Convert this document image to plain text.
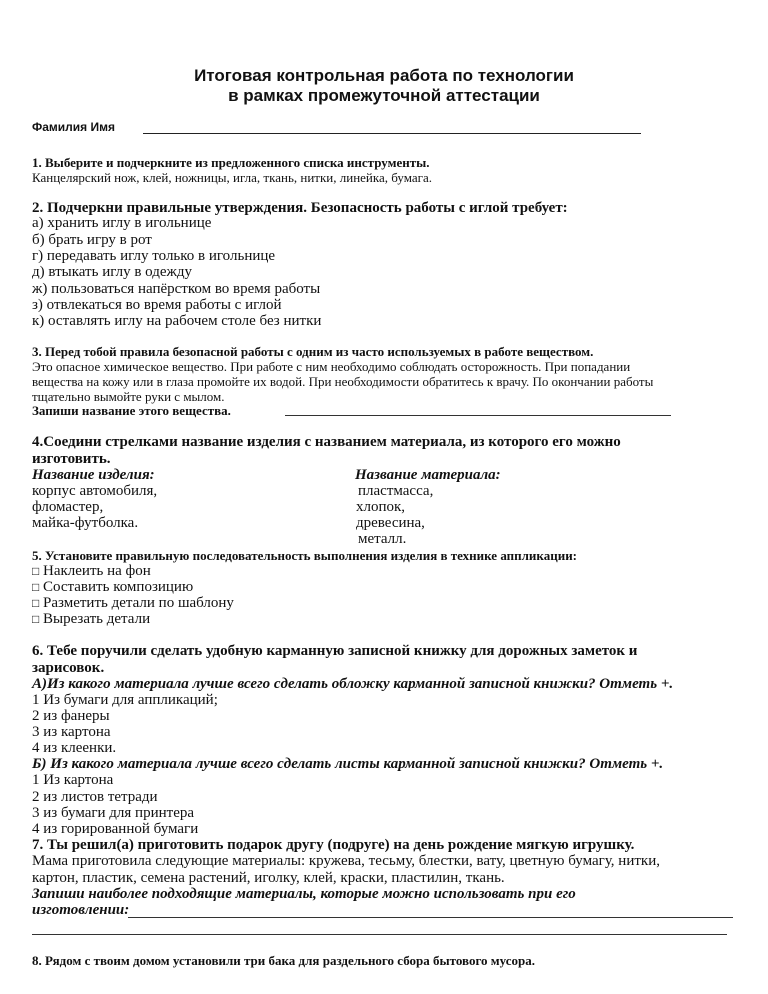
Итоговая контрольная работа по технологии
в рамках промежуточной аттестации
Фамилия Имя
1. Выберите и подчеркните из предложенного списка инструменты.
Канцелярский нож, клей, ножницы, игла, ткань, нитки, линейка, бумага.
2. Подчеркни правильные утверждения. Безопасность работы с иглой требует:
а) хранить иглу в игольнице
б) брать игру в рот
г) передавать иглу только в игольнице
д) втыкать иглу в одежду
ж) пользоваться напёрстком во время работы
з) отвлекаться во время работы с иглой
к) оставлять иглу на рабочем столе без нитки
3. Перед тобой правила безопасной работы с одним из часто используемых в работе веществом.
Это опасное химическое вещество. При работе с ним необходимо соблюдать осторожность. При попадании
вещества на кожу или в глаза промойте их водой. При необходимости обратитесь к врачу. По окончании работы
тщательно вымойте руки с мылом.
Запиши название этого вещества.
4.Соедини стрелками название изделия с названием материала, из которого его можно
изготовить.
Название изделия:
корпус автомобиля,
фломастер,
майка-футболка.
Название материала:
пластмасса,
хлопок,
древесина,
металл.
5. Установите правильную последовательность выполнения изделия в технике аппликации:
□ Наклеить на фон
□ Составить композицию
□ Разметить детали по шаблону
□ Вырезать детали
6. Тебе поручили сделать удобную карманную записной книжку для дорожных заметок и
зарисовок.
А)Из какого материала лучше всего сделать обложку карманной записной книжки? Отметь +.
1 Из бумаги для аппликаций;
2 из фанеры
3 из картона
4 из клеенки.
Б) Из какого материала лучше всего сделать листы карманной записной книжки? Отметь +.
1 Из картона
2 из листов тетради
3 из бумаги для принтера
4 из горированной бумаги
7. Ты решил(а) приготовить подарок другу (подруге) на день рождение мягкую игрушку.
Мама приготовила следующие материалы: кружева, тесьму, блестки, вату, цветную бумагу, нитки,
картон, пластик, семена растений, иголку, клей, краски, пластилин, ткань.
Запиши наиболее подходящие материалы, которые можно использовать при его
изготовлении:
8. Рядом с твоим домом установили три бака для раздельного сбора бытового мусора.
